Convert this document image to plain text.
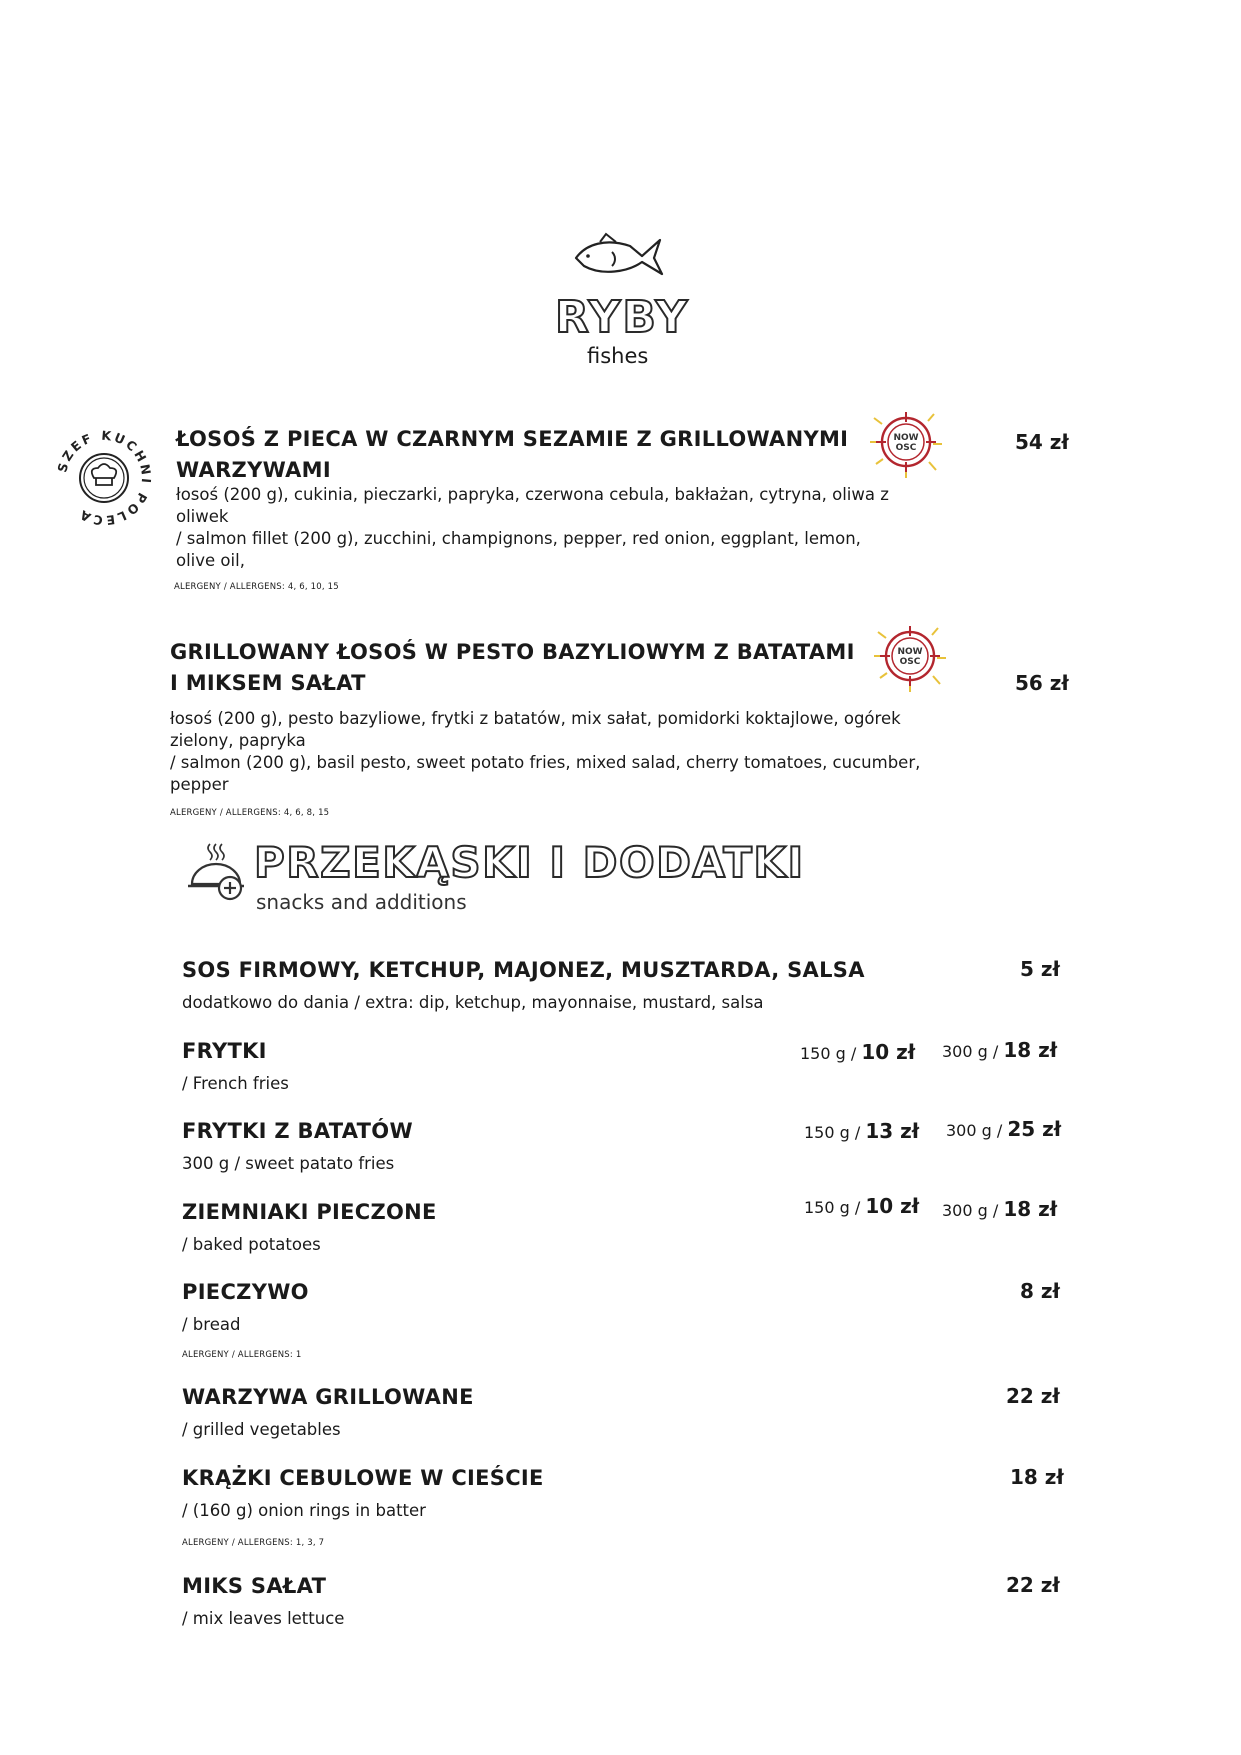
RYBY
fishes
SZEF KUCHNI POLECA
ŁOSOŚ Z PIECA W CZARNYM SEZAMIE Z GRILLOWANYMI
WARZYWAMI
łosoś (200 g), cukinia, pieczarki, papryka, czerwona cebula, bakłażan, cytryna, oliwa z oliwek
/ salmon fillet (200 g), zucchini, champignons, pepper, red onion, eggplant, lemon, olive oil,
ALERGENY / ALLERGENS: 4, 6, 10, 15
54 zł
NOW
OSC
GRILLOWANY ŁOSOŚ W PESTO BAZYLIOWYM Z BATATAMI
I MIKSEM SAŁAT
łosoś (200 g), pesto bazyliowe, frytki z batatów, mix sałat, pomidorki koktajlowe, ogórek zielony, papryka
/ salmon (200 g), basil pesto, sweet potato fries, mixed salad, cherry tomatoes, cucumber, pepper
ALERGENY / ALLERGENS: 4, 6, 8, 15
56 zł
NOW
OSC
PRZEKĄSKI I DODATKI
snacks and additions
SOS FIRMOWY, KETCHUP, MAJONEZ, MUSZTARDA, SALSA
dodatkowo do dania / extra: dip, ketchup, mayonnaise, mustard, salsa
5 zł
FRYTKI
/ French fries
150 g / 10 zł 300 g / 18 zł
FRYTKI Z BATATÓW
300 g / sweet patato fries
150 g / 13 zł 300 g / 25 zł
ZIEMNIAKI PIECZONE
/ baked potatoes
150 g / 10 zł 300 g / 18 zł
PIECZYWO
/ bread
ALERGENY / ALLERGENS: 1
8 zł
WARZYWA GRILLOWANE
/ grilled vegetables
22 zł
KRĄŻKI CEBULOWE W CIEŚCIE
/ (160 g) onion rings in batter
ALERGENY / ALLERGENS: 1, 3, 7
18 zł
MIKS SAŁAT
/ mix leaves lettuce
22 zł
